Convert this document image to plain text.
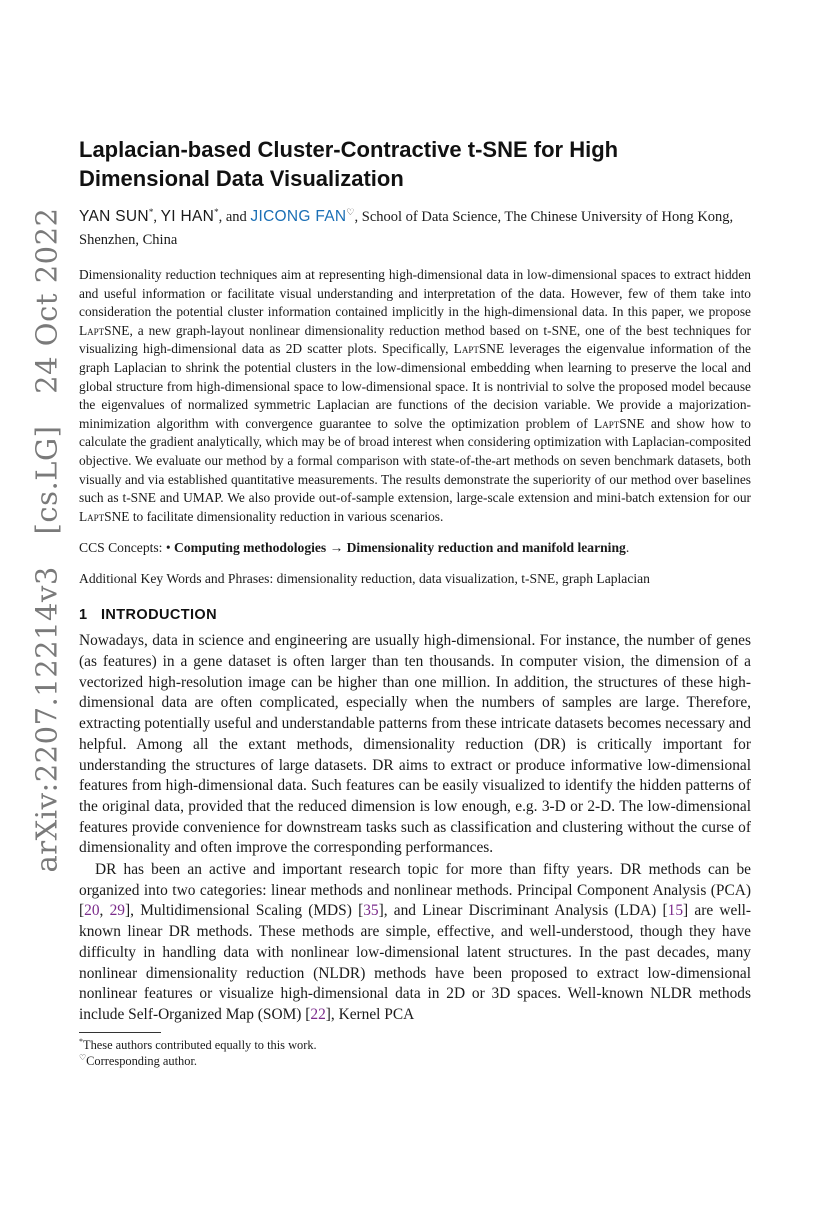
arXiv:2207.12214v3 [cs.LG] 24 Oct 2022
Laplacian-based Cluster-Contractive t-SNE for High Dimensional Data Visualization
YAN SUN*, YI HAN*, and JICONG FAN♡, School of Data Science, The Chinese University of Hong Kong, Shenzhen, China

Dimensionality reduction techniques aim at representing high-dimensional data in low-dimensional spaces to extract hidden and useful information or facilitate visual understanding and interpretation of the data. However, few of them take into consideration the potential cluster information contained implicitly in the high-dimensional data. In this paper, we propose LaptSNE, a new graph-layout nonlinear dimensionality reduction method based on t-SNE, one of the best techniques for visualizing high-dimensional data as 2D scatter plots. Specifically, LaptSNE leverages the eigenvalue information of the graph Laplacian to shrink the potential clusters in the low-dimensional embedding when learning to preserve the local and global structure from high-dimensional space to low-dimensional space. It is nontrivial to solve the proposed model because the eigenvalues of normalized symmetric Laplacian are functions of the decision variable. We provide a majorization-minimization algorithm with convergence guarantee to solve the optimization problem of LaptSNE and show how to calculate the gradient analytically, which may be of broad interest when considering optimization with Laplacian-composited objective. We evaluate our method by a formal comparison with state-of-the-art methods on seven benchmark datasets, both visually and via established quantitative measurements. The results demonstrate the superiority of our method over baselines such as t-SNE and UMAP. We also provide out-of-sample extension, large-scale extension and mini-batch extension for our LaptSNE to facilitate dimensionality reduction in various scenarios.

CCS Concepts: • Computing methodologies → Dimensionality reduction and manifold learning.

Additional Key Words and Phrases: dimensionality reduction, data visualization, t-SNE, graph Laplacian

1 INTRODUCTION

Nowadays, data in science and engineering are usually high-dimensional. For instance, the number of genes (as features) in a gene dataset is often larger than ten thousands. In computer vision, the dimension of a vectorized high-resolution image can be higher than one million. In addition, the structures of these high-dimensional data are often complicated, especially when the numbers of samples are large. Therefore, extracting potentially useful and understandable patterns from these intricate datasets becomes necessary and helpful. Among all the extant methods, dimensionality reduction (DR) is critically important for understanding the structures of large datasets. DR aims to extract or produce informative low-dimensional features from high-dimensional data. Such features can be easily visualized to identify the hidden patterns of the original data, provided that the reduced dimension is low enough, e.g. 3-D or 2-D. The low-dimensional features provide convenience for downstream tasks such as classification and clustering without the curse of dimensionality and often improve the corresponding performances.

DR has been an active and important research topic for more than fifty years. DR methods can be organized into two categories: linear methods and nonlinear methods. Principal Component Analysis (PCA) [20, 29], Multidimensional Scaling (MDS) [35], and Linear Discriminant Analysis (LDA) [15] are well-known linear DR methods. These methods are simple, effective, and well-understood, though they have difficulty in handling data with nonlinear low-dimensional latent structures. In the past decades, many nonlinear dimensionality reduction (NLDR) methods have been proposed to extract low-dimensional nonlinear features or visualize high-dimensional data in 2D or 3D spaces. Well-known NLDR methods include Self-Organized Map (SOM) [22], Kernel PCA

*These authors contributed equally to this work.

♡Corresponding author.
